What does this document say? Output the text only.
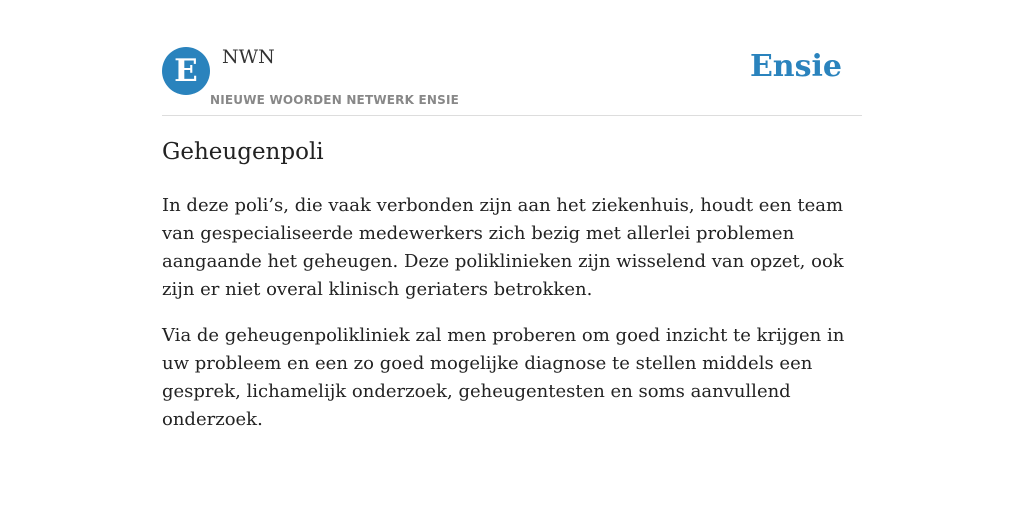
E	NWN
NIEUWE WOORDEN NETWERK ENSIE
Ensie
Geheugenpoli

In deze poli’s, die vaak verbonden zijn aan het ziekenhuis, houdt een team van gespecialiseerde medewerkers zich bezig met allerlei problemen aangaande het geheugen. Deze poliklinieken zijn wisselend van opzet, ook zijn er niet overal klinisch geriaters betrokken.

Via de geheugenpolikliniek zal men proberen om goed inzicht te krijgen in uw probleem en een zo goed mogelijke diagnose te stellen middels een gesprek, lichamelijk onderzoek, geheugentesten en soms aanvullend onderzoek.
